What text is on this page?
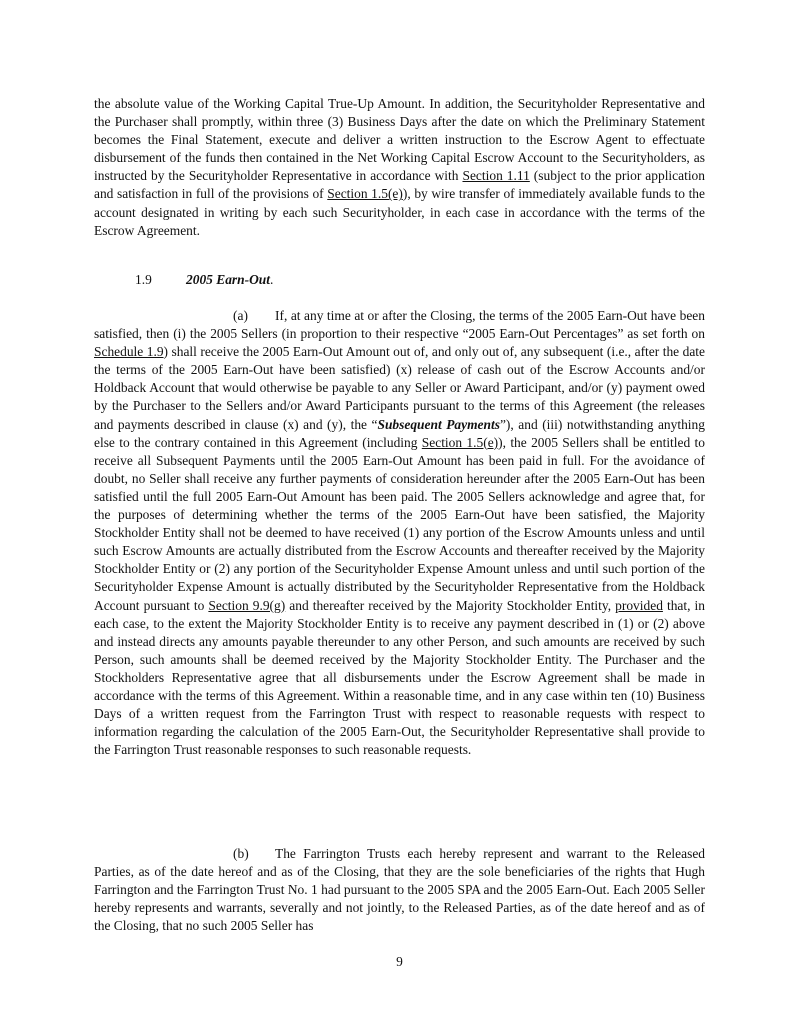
the absolute value of the Working Capital True-Up Amount. In addition, the Securityholder Representative and the Purchaser shall promptly, within three (3) Business Days after the date on which the Preliminary Statement becomes the Final Statement, execute and deliver a written instruction to the Escrow Agent to effectuate disbursement of the funds then contained in the Net Working Capital Escrow Account to the Securityholders, as instructed by the Securityholder Representative in accordance with Section 1.11 (subject to the prior application and satisfaction in full of the provisions of Section 1.5(e)), by wire transfer of immediately available funds to the account designated in writing by each such Securityholder, in each case in accordance with the terms of the Escrow Agreement.

1.9	2005 Earn-Out.

(a) If, at any time at or after the Closing, the terms of the 2005 Earn-Out have been satisfied, then (i) the 2005 Sellers (in proportion to their respective “2005 Earn-Out Percentages” as set forth on Schedule 1.9) shall receive the 2005 Earn-Out Amount out of, and only out of, any subsequent (i.e., after the date the terms of the 2005 Earn-Out have been satisfied) (x) release of cash out of the Escrow Accounts and/or Holdback Account that would otherwise be payable to any Seller or Award Participant, and/or (y) payment owed by the Purchaser to the Sellers and/or Award Participants pursuant to the terms of this Agreement (the releases and payments described in clause (x) and (y), the “Subsequent Payments”), and (iii) notwithstanding anything else to the contrary contained in this Agreement (including Section 1.5(e)), the 2005 Sellers shall be entitled to receive all Subsequent Payments until the 2005 Earn-Out Amount has been paid in full. For the avoidance of doubt, no Seller shall receive any further payments of consideration hereunder after the 2005 Earn-Out has been satisfied until the full 2005 Earn-Out Amount has been paid. The 2005 Sellers acknowledge and agree that, for the purposes of determining whether the terms of the 2005 Earn-Out have been satisfied, the Majority Stockholder Entity shall not be deemed to have received (1) any portion of the Escrow Amounts unless and until such Escrow Amounts are actually distributed from the Escrow Accounts and thereafter received by the Majority Stockholder Entity or (2) any portion of the Securityholder Expense Amount unless and until such portion of the Securityholder Expense Amount is actually distributed by the Securityholder Representative from the Holdback Account pursuant to Section 9.9(g) and thereafter received by the Majority Stockholder Entity, provided that, in each case, to the extent the Majority Stockholder Entity is to receive any payment described in (1) or (2) above and instead directs any amounts payable thereunder to any other Person, and such amounts are received by such Person, such amounts shall be deemed received by the Majority Stockholder Entity. The Purchaser and the Stockholders Representative agree that all disbursements under the Escrow Agreement shall be made in accordance with the terms of this Agreement. Within a reasonable time, and in any case within ten (10) Business Days of a written request from the Farrington Trust with respect to reasonable requests with respect to information regarding the calculation of the 2005 Earn-Out, the Securityholder Representative shall provide to the Farrington Trust reasonable responses to such reasonable requests.

(b) The Farrington Trusts each hereby represent and warrant to the Released Parties, as of the date hereof and as of the Closing, that they are the sole beneficiaries of the rights that Hugh Farrington and the Farrington Trust No. 1 had pursuant to the 2005 SPA and the 2005 Earn-Out. Each 2005 Seller hereby represents and warrants, severally and not jointly, to the Released Parties, as of the date hereof and as of the Closing, that no such 2005 Seller has

9
